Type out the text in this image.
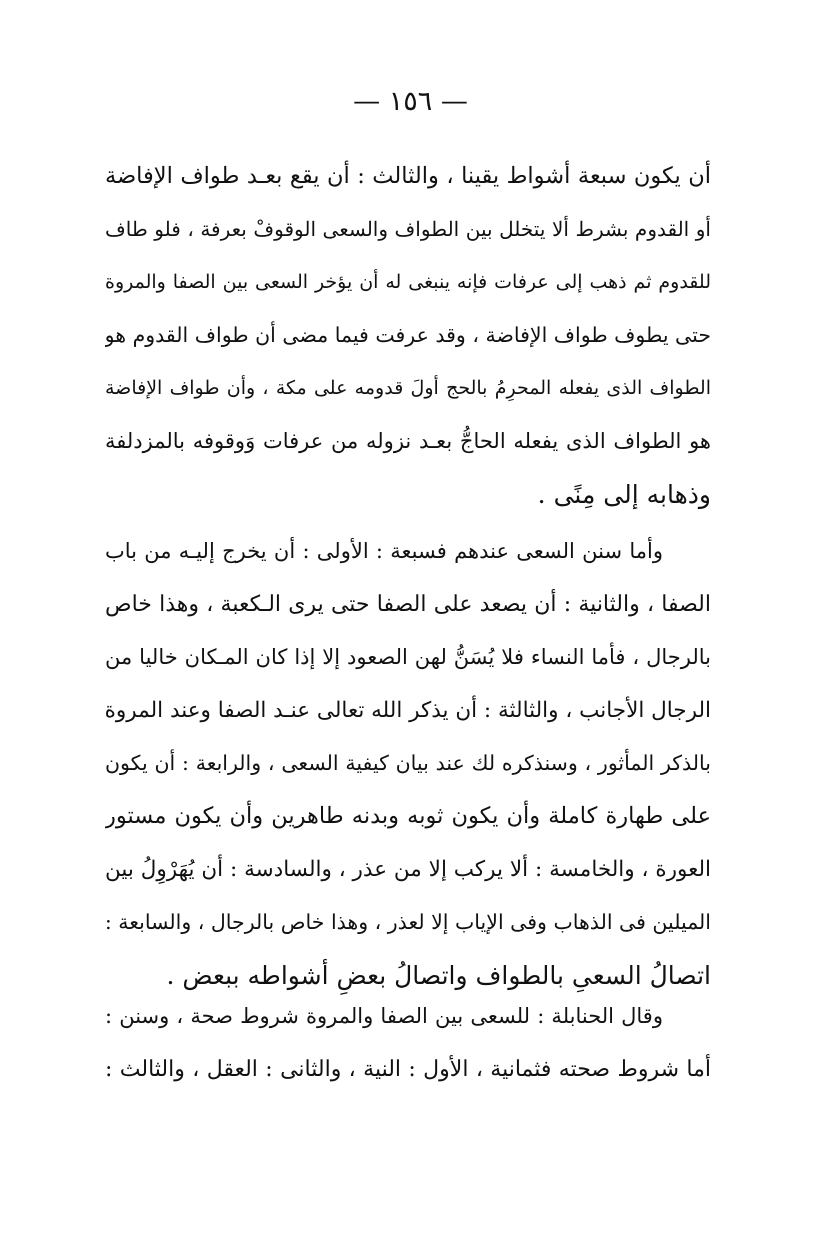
— ١٥٦ —
أن يكون سبعة أشواط يقينا ، والثالث : أن يقع بعـد طواف الإفاضة
أو القدوم بشرط ألا يتخلل بين الطواف والسعى الوقوفْ بعرفة ، فلو طاف
للقدوم ثم ذهب إلى عرفات فإنه ينبغى له أن يؤخر السعى بين الصفا والمروة
حتى يطوف طواف الإفاضة ، وقد عرفت فيما مضى أن طواف القدوم هو
الطواف الذى يفعله المحرِمُ بالحج أولَ قدومه على مكة ، وأن طواف الإفاضة
هو الطواف الذى يفعله الحاجُّ بعـد نزوله من عرفات وَوقوفه بالمزدلفة
وذهابه إلى مِنًى .
وأما سنن السعى عندهم فسبعة : الأولى : أن يخرج إليـه من باب
الصفا ، والثانية : أن يصعد على الصفا حتى يرى الـكعبة ، وهذا خاص
بالرجال ، فأما النساء فلا يُسَنُّ لهن الصعود إلا إذا كان المـكان خاليا من
الرجال الأجانب ، والثالثة : أن يذكر الله تعالى عنـد الصفا وعند المروة
بالذكر المأثور ، وسنذكره لك عند بيان كيفية السعى ، والرابعة : أن يكون
على طهارة كاملة وأن يكون ثوبه وبدنه طاهرين وأن يكون مستور
العورة ، والخامسة : ألا يركب إلا من عذر ، والسادسة : أن يُهَرْوِلُ بين
الميلين فى الذهاب وفى الإياب إلا لعذر ، وهذا خاص بالرجال ، والسابعة :
اتصالُ السعىِ بالطواف واتصالُ بعضِ أشواطه ببعض .
وقال الحنابلة : للسعى بين الصفا والمروة شروط صحة ، وسنن :
أما شروط صحته فثمانية ، الأول : النية ، والثانى : العقل ، والثالث :
